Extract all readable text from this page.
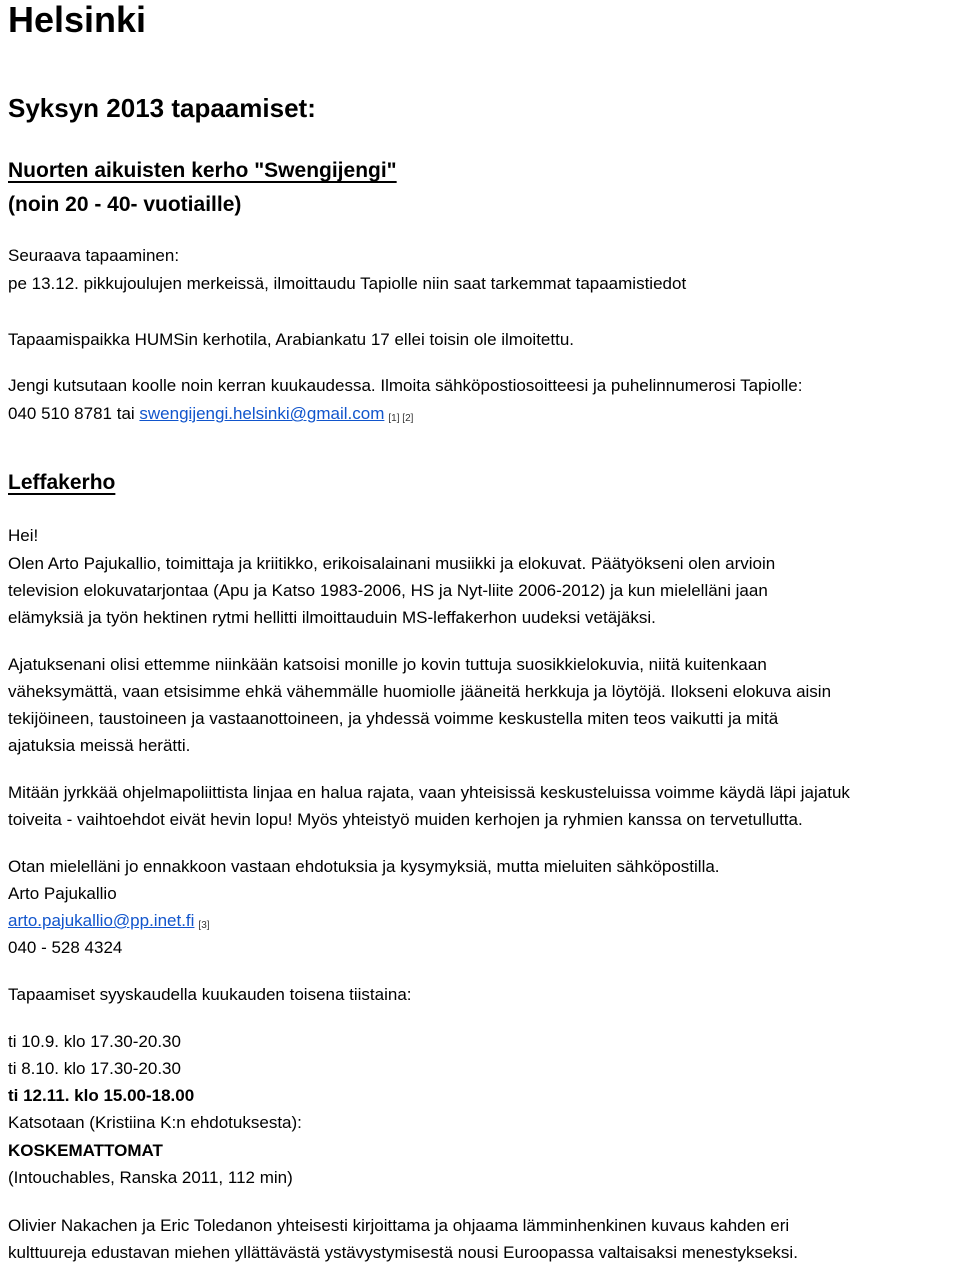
Helsinki
Syksyn 2013 tapaamiset:
Nuorten aikuisten kerho "Swengijengi"
(noin 20 - 40- vuotiaille)
Seuraava tapaaminen:
pe 13.12. pikkujoulujen merkeissä, ilmoittaudu Tapiolle niin saat tarkemmat tapaamistiedot
Tapaamispaikka HUMSin kerhotila, Arabiankatu 17 ellei toisin ole ilmoitettu.
Jengi kutsutaan koolle noin kerran kuukaudessa. Ilmoita sähköpostiosoitteesi ja puhelinnumerosi Tapiolle:
040 510 8781 tai swengijengi.helsinki@gmail.com [1] [2]
Leffakerho
Hei!
Olen Arto Pajukallio, toimittaja ja kriitikko, erikoisalainani musiikki ja elokuvat. Päätyökseni olen arvioin
television elokuvatarjontaa (Apu ja Katso 1983-2006, HS ja Nyt-liite 2006-2012) ja kun mielelläni jaan
elämyksiä ja työn hektinen rytmi hellitti ilmoittauduin MS-leffakerhon uudeksi vetäjäksi.
Ajatuksenani olisi ettemme niinkään katsoisi monille jo kovin tuttuja suosikkielokuvia, niitä kuitenkaan
väheksymättä, vaan etsisimme ehkä vähemmälle huomiolle jääneitä herkkuja ja löytöjä. Ilokseni elokuva aisin
tekijöineen, taustoineen ja vastaanottoineen, ja yhdessä voimme keskustella miten teos vaikutti ja mitä
ajatuksia meissä herätti.
Mitään jyrkkää ohjelmapoliittista linjaa en halua rajata, vaan yhteisissä keskusteluissa voimme käydä läpi jajatuk
toiveita - vaihtoehdot eivät hevin lopu! Myös yhteistyö muiden kerhojen ja ryhmien kanssa on tervetullutta.
Otan mielelläni jo ennakkoon vastaan ehdotuksia ja kysymyksiä, mutta mieluiten sähköpostilla.
Arto Pajukallio
arto.pajukallio@pp.inet.fi [3]
040 - 528 4324
Tapaamiset syyskaudella kuukauden toisena tiistaina:
ti 10.9. klo 17.30-20.30
ti 8.10. klo 17.30-20.30
ti 12.11. klo 15.00-18.00
Katsotaan (Kristiina K:n ehdotuksesta):
KOSKEMATTOMAT
(Intouchables, Ranska 2011, 112 min)
Olivier Nakachen ja Eric Toledanon yhteisesti kirjoittama ja ohjaama lämminhenkinen kuvaus kahden eri
kulttuureja edustavan miehen yllättävästä ystävystymisestä nousi Euroopassa valtaisaksi menestykseksi.
